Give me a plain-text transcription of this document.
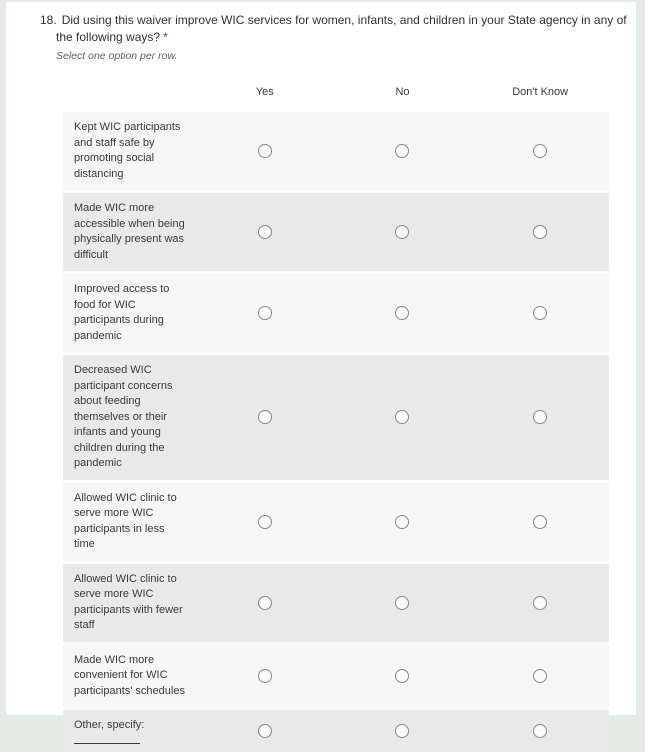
18. Did using this waiver improve WIC services for women, infants, and children in your State agency in any of the following ways? *
Select one option per row.
Yes	No	Don't Know
Kept WIC participants and staff safe by promoting social distancing
Made WIC more accessible when being physically present was difficult
Improved access to food for WIC participants during pandemic
Decreased WIC participant concerns about feeding themselves or their infants and young children during the pandemic
Allowed WIC clinic to serve more WIC participants in less time
Allowed WIC clinic to serve more WIC participants with fewer staff
Made WIC more convenient for WIC participants' schedules
Other, specify:
